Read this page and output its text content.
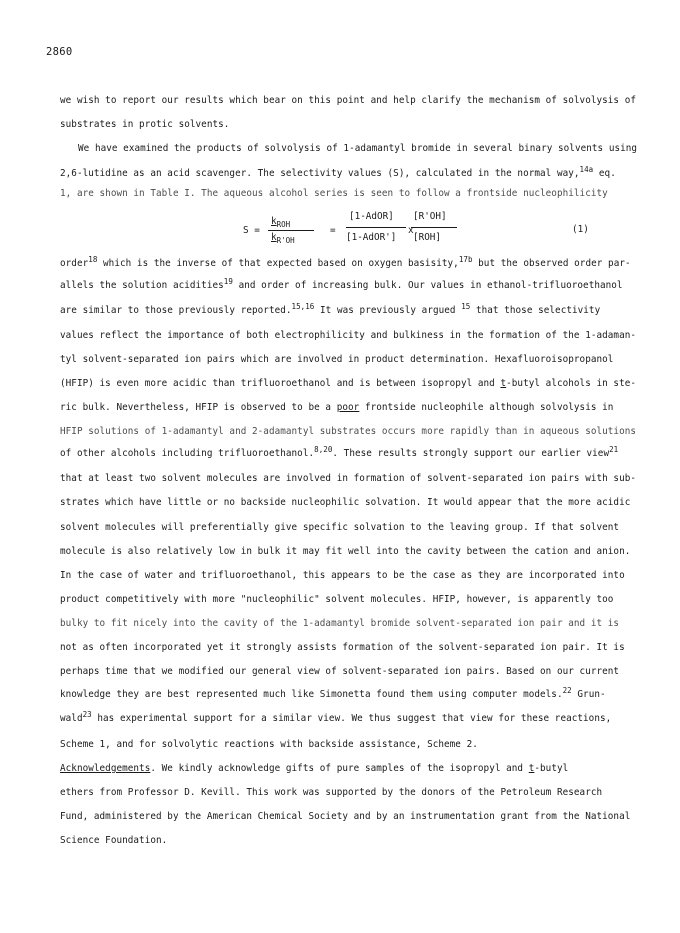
2860
we wish to report our results which bear on this point and help clarify the mechanism of solvolysis of
substrates in protic solvents.
We have examined the products of solvolysis of 1-adamantyl bromide in several binary solvents using
2,6-lutidine as an acid scavenger. The selectivity values (S), calculated in the normal way,$^{14a}$ eq.
1, are shown in Table I. The aqueous alcohol series is seen to follow a frontside nucleophilicity
S =
$k_{ROH}$
$k_{R'OH}$
=
[1-AdOR]
[1-AdOR']
x
[R'OH]
[ROH]
(1)
order$^{18}$ which is the inverse of that expected based on oxygen basisity,$^{17b}$ but the observed order par-
allels the solution acidities$^{19}$ and order of increasing bulk. Our values in ethanol-trifluoroethanol
are similar to those previously reported.$^{15,16}$ It was previously argued $^{15}$ that those selectivity
values reflect the importance of both electrophilicity and bulkiness in the formation of the 1-adaman-
tyl solvent-separated ion pairs which are involved in product determination. Hexafluoroisopropanol
(HFIP) is even more acidic than trifluoroethanol and is between isopropyl and t-butyl alcohols in ste-
ric bulk. Nevertheless, HFIP is observed to be a poor frontside nucleophile although solvolysis in
HFIP solutions of 1-adamantyl and 2-adamantyl substrates occurs more rapidly than in aqueous solutions
of other alcohols including trifluoroethanol.$^{8,20}$. These results strongly support our earlier view$^{21}$
that at least two solvent molecules are involved in formation of solvent-separated ion pairs with sub-
strates which have little or no backside nucleophilic solvation. It would appear that the more acidic
solvent molecules will preferentially give specific solvation to the leaving group. If that solvent
molecule is also relatively low in bulk it may fit well into the cavity between the cation and anion.
In the case of water and trifluoroethanol, this appears to be the case as they are incorporated into
product competitively with more "nucleophilic" solvent molecules. HFIP, however, is apparently too
bulky to fit nicely into the cavity of the 1-adamantyl bromide solvent-separated ion pair and it is
not as often incorporated yet it strongly assists formation of the solvent-separated ion pair. It is
perhaps time that we modified our general view of solvent-separated ion pairs. Based on our current
knowledge they are best represented much like Simonetta found them using computer models.$^{22}$ Grun-
wald$^{23}$ has experimental support for a similar view. We thus suggest that view for these reactions,
Scheme 1, and for solvolytic reactions with backside assistance, Scheme 2.
Acknowledgements. We kindly acknowledge gifts of pure samples of the isopropyl and t-butyl
ethers from Professor D. Kevill. This work was supported by the donors of the Petroleum Research
Fund, administered by the American Chemical Society and by an instrumentation grant from the National
Science Foundation.
